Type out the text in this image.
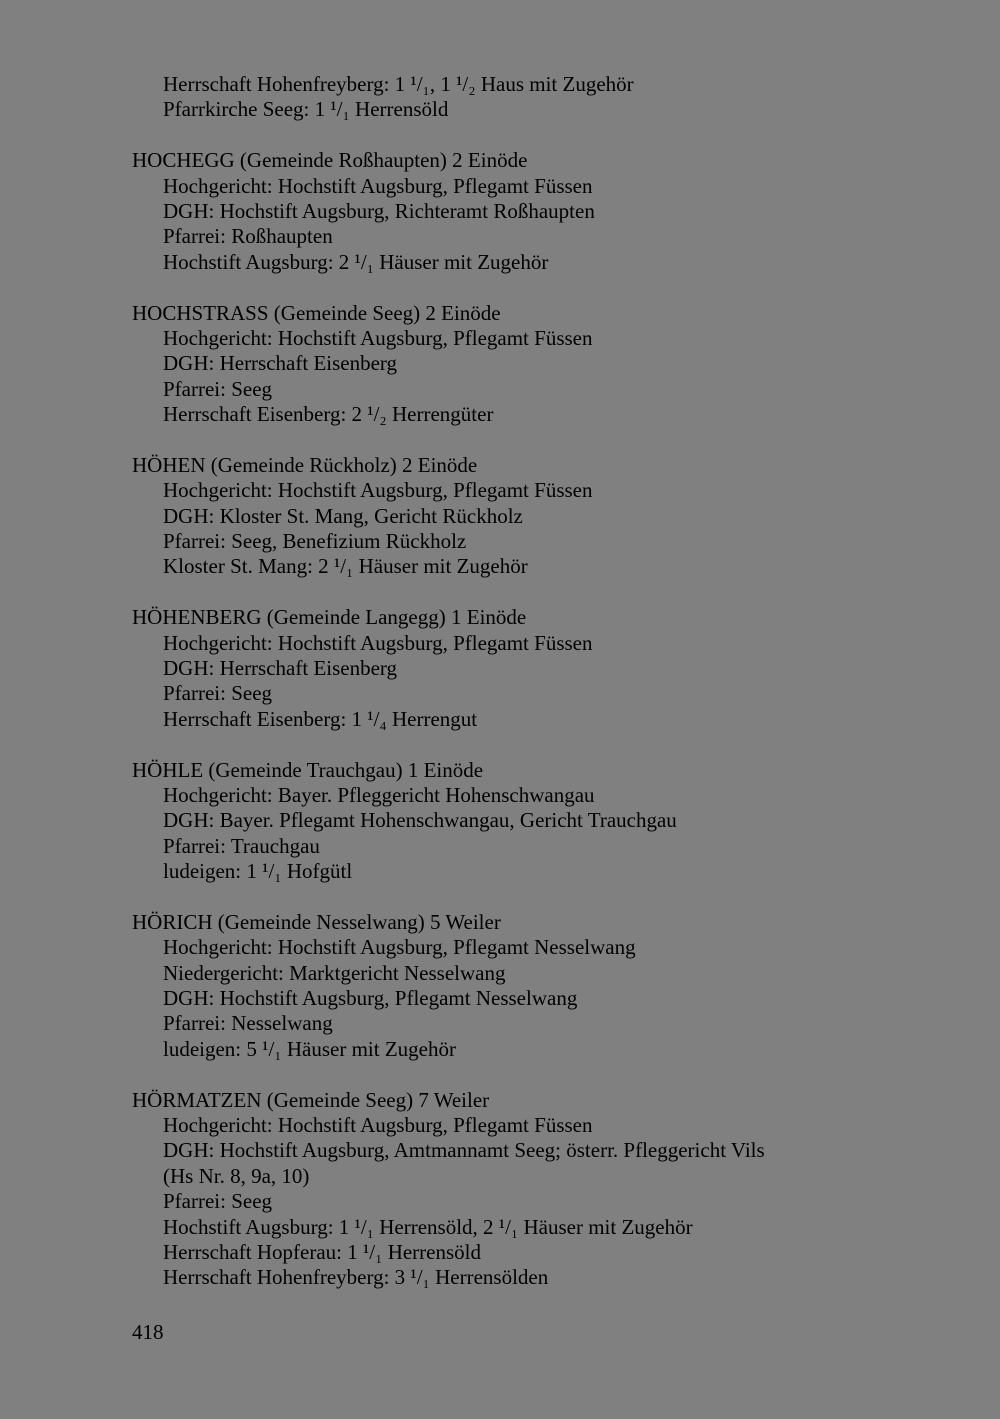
Herrschaft Hohenfreyberg: 1 ¹/₁, 1 ¹/₂ Haus mit Zugehör
Pfarrkirche Seeg: 1 ¹/₁ Herrensöld
HOCHEGG (Gemeinde Roßhaupten) 2 Einöde
Hochgericht: Hochstift Augsburg, Pflegamt Füssen
DGH: Hochstift Augsburg, Richteramt Roßhaupten
Pfarrei: Roßhaupten
Hochstift Augsburg: 2 ¹/₁ Häuser mit Zugehör
HOCHSTRASS (Gemeinde Seeg) 2 Einöde
Hochgericht: Hochstift Augsburg, Pflegamt Füssen
DGH: Herrschaft Eisenberg
Pfarrei: Seeg
Herrschaft Eisenberg: 2 ¹/₂ Herrengüter
HÖHEN (Gemeinde Rückholz) 2 Einöde
Hochgericht: Hochstift Augsburg, Pflegamt Füssen
DGH: Kloster St. Mang, Gericht Rückholz
Pfarrei: Seeg, Benefizium Rückholz
Kloster St. Mang: 2 ¹/₁ Häuser mit Zugehör
HÖHENBERG (Gemeinde Langegg) 1 Einöde
Hochgericht: Hochstift Augsburg, Pflegamt Füssen
DGH: Herrschaft Eisenberg
Pfarrei: Seeg
Herrschaft Eisenberg: 1 ¹/₄ Herrengut
HÖHLE (Gemeinde Trauchgau) 1 Einöde
Hochgericht: Bayer. Pfleggericht Hohenschwangau
DGH: Bayer. Pflegamt Hohenschwangau, Gericht Trauchgau
Pfarrei: Trauchgau
ludeigen: 1 ¹/₁ Hofgütl
HÖRICH (Gemeinde Nesselwang) 5 Weiler
Hochgericht: Hochstift Augsburg, Pflegamt Nesselwang
Niedergericht: Marktgericht Nesselwang
DGH: Hochstift Augsburg, Pflegamt Nesselwang
Pfarrei: Nesselwang
ludeigen: 5 ¹/₁ Häuser mit Zugehör
HÖRMATZEN (Gemeinde Seeg) 7 Weiler
Hochgericht: Hochstift Augsburg, Pflegamt Füssen
DGH: Hochstift Augsburg, Amtmannamt Seeg; österr. Pfleggericht Vils
(Hs Nr. 8, 9a, 10)
Pfarrei: Seeg
Hochstift Augsburg: 1 ¹/₁ Herrensöld, 2 ¹/₁ Häuser mit Zugehör
Herrschaft Hopferau: 1 ¹/₁ Herrensöld
Herrschaft Hohenfreyberg: 3 ¹/₁ Herrensölden
418
